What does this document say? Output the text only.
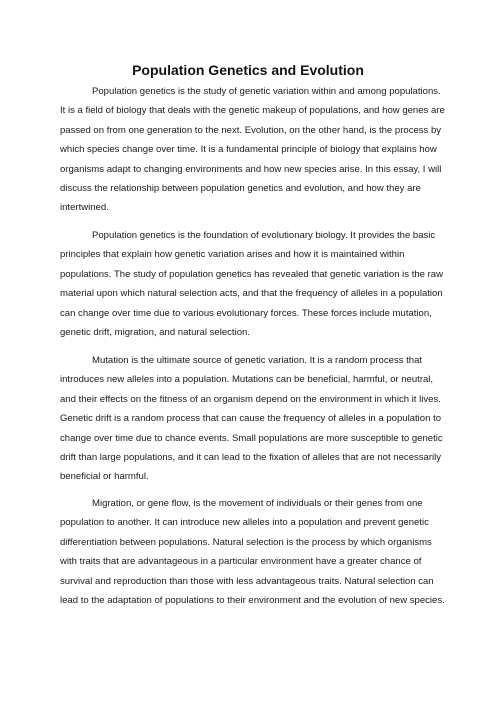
Population Genetics and Evolution

Population genetics is the study of genetic variation within and among populations. It is a field of biology that deals with the genetic makeup of populations, and how genes are passed on from one generation to the next. Evolution, on the other hand, is the process by which species change over time. It is a fundamental principle of biology that explains how organisms adapt to changing environments and how new species arise. In this essay, I will discuss the relationship between population genetics and evolution, and how they are intertwined.

Population genetics is the foundation of evolutionary biology. It provides the basic principles that explain how genetic variation arises and how it is maintained within populations. The study of population genetics has revealed that genetic variation is the raw material upon which natural selection acts, and that the frequency of alleles in a population can change over time due to various evolutionary forces. These forces include mutation, genetic drift, migration, and natural selection.

Mutation is the ultimate source of genetic variation. It is a random process that introduces new alleles into a population. Mutations can be beneficial, harmful, or neutral, and their effects on the fitness of an organism depend on the environment in which it lives. Genetic drift is a random process that can cause the frequency of alleles in a population to change over time due to chance events. Small populations are more susceptible to genetic drift than large populations, and it can lead to the fixation of alleles that are not necessarily beneficial or harmful.

Migration, or gene flow, is the movement of individuals or their genes from one population to another. It can introduce new alleles into a population and prevent genetic differentiation between populations. Natural selection is the process by which organisms with traits that are advantageous in a particular environment have a greater chance of survival and reproduction than those with less advantageous traits. Natural selection can lead to the adaptation of populations to their environment and the evolution of new species.
